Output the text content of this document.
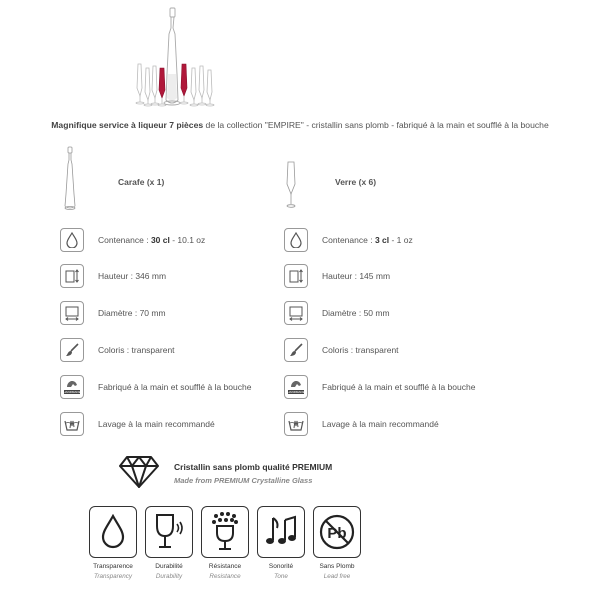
Magnifique service à liqueur 7 pièces de la collection "EMPIRE" - cristallin sans plomb - fabriqué à la main et soufflé à la bouche
Carafe (x 1)	Verre (x 6)
Contenance : 30 cl - 10.1 oz
Hauteur : 346 mm
Diamètre : 70 mm
Coloris : transparent
HANDMADE
Fabriqué à la main et soufflé à la bouche
Lavage à la main recommandé
Contenance : 3 cl - 1 oz
Hauteur : 145 mm
Diamètre : 50 mm
Coloris : transparent
HANDMADE
Fabriqué à la main et soufflé à la bouche
Lavage à la main recommandé
Cristallin sans plomb qualité PREMIUM
Made from PREMIUM Crystalline Glass
Transparence
Transparency
Durabilité
Durability
Résistance
Resistance
Sonorité
Tone
Pb
Sans Plomb
Lead free
